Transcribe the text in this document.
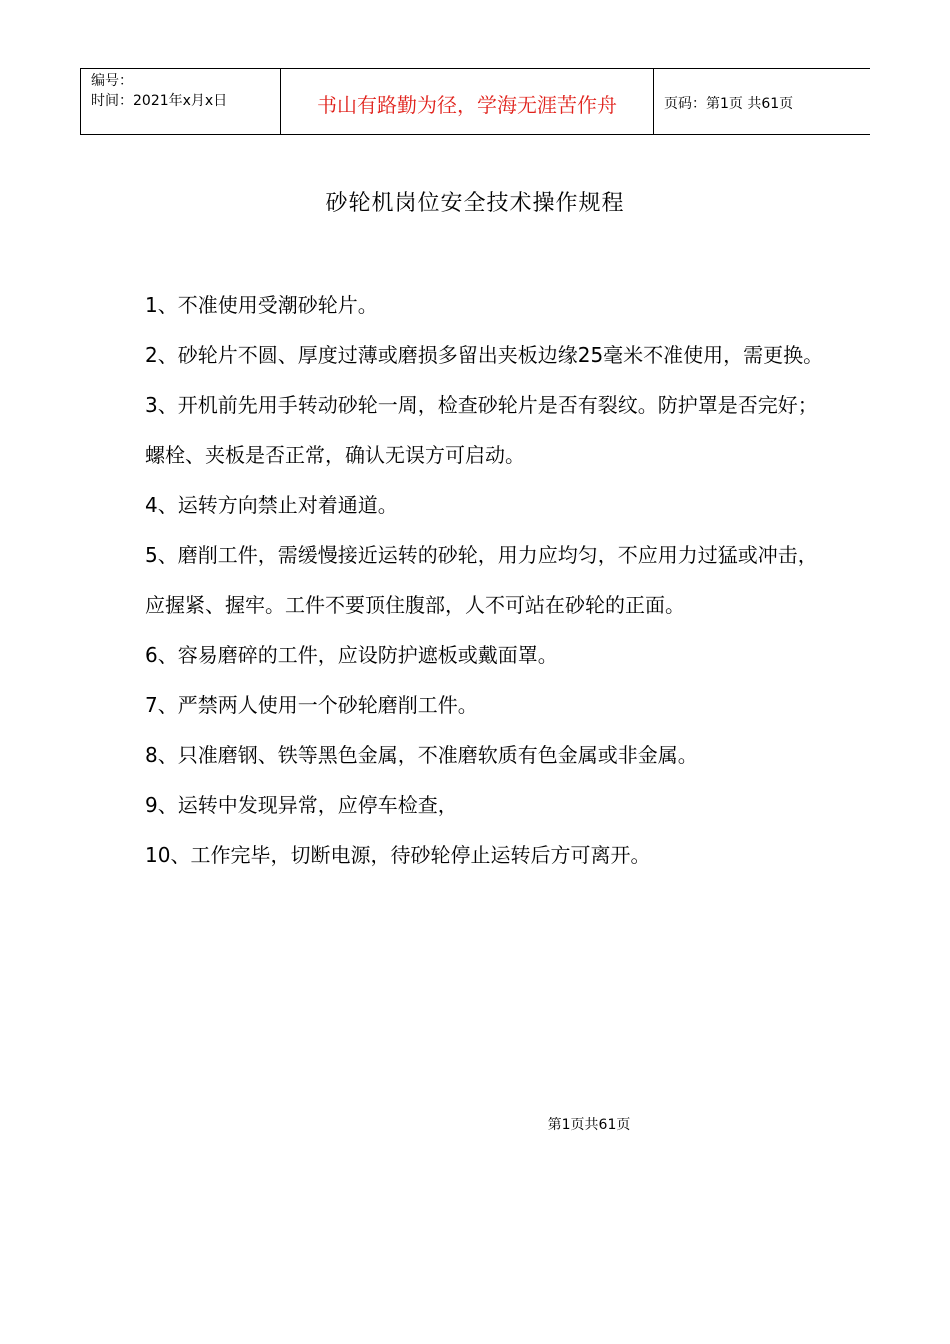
编号：
时间：2021年x月x日	书山有路勤为径，学海无涯苦作舟	页码：第1页 共61页
砂轮机岗位安全技术操作规程
1、不准使用受潮砂轮片。
2、砂轮片不圆、厚度过薄或磨损多留出夹板边缘25毫米不准使用，需更换。
3、开机前先用手转动砂轮一周，检查砂轮片是否有裂纹。防护罩是否完好；螺栓、夹板是否正常，确认无误方可启动。
4、运转方向禁止对着通道。
5、磨削工件，需缓慢接近运转的砂轮，用力应均匀，不应用力过猛或冲击，应握紧、握牢。工件不要顶住腹部，人不可站在砂轮的正面。
6、容易磨碎的工件，应设防护遮板或戴面罩。
7、严禁两人使用一个砂轮磨削工件。
8、只准磨钢、铁等黑色金属，不准磨软质有色金属或非金属。
9、运转中发现异常，应停车检查，
10、工作完毕，切断电源，待砂轮停止运转后方可离开。
第1页共61页
